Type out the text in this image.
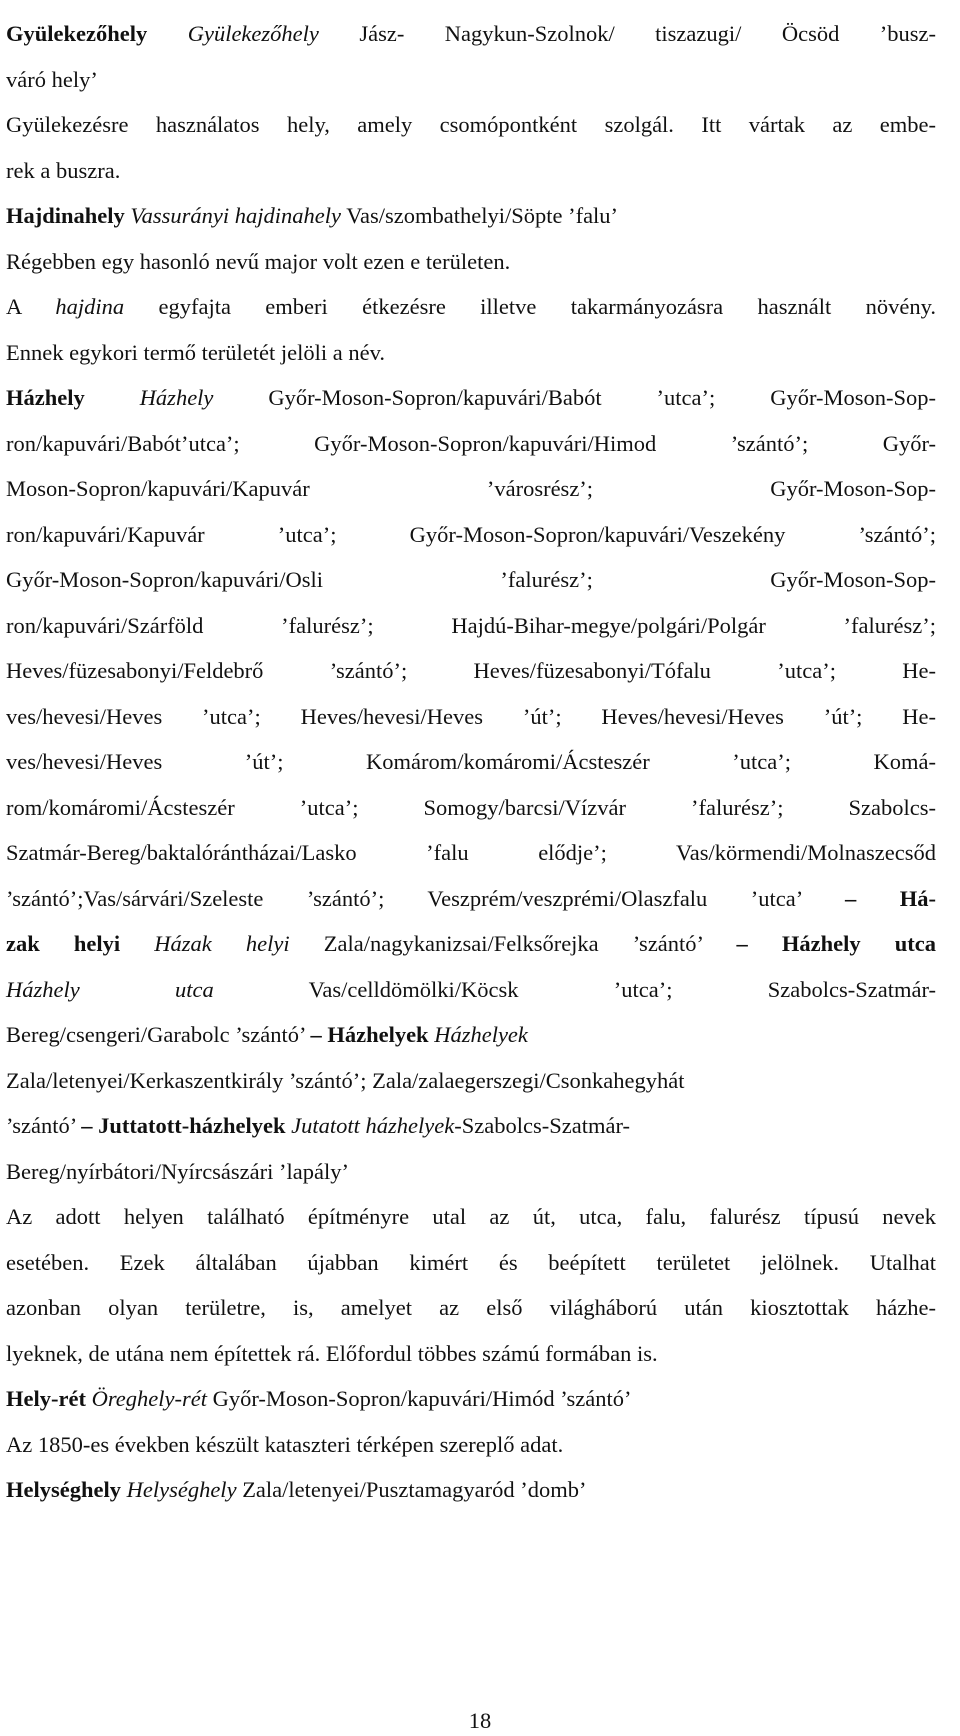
Gyülekezőhely Gyülekezőhely Jász- Nagykun-Szolnok/ tiszazugi/ Öcsöd ’busz-
váró hely’
Gyülekezésre használatos hely, amely csomópontként szolgál. Itt vártak az embe-
rek a buszra.
Hajdinahely Vassurányi hajdinahely Vas/szombathelyi/Söpte ’falu’
Régebben egy hasonló nevű major volt ezen e területen.
A hajdina egyfajta emberi étkezésre illetve takarmányozásra használt növény.
Ennek egykori termő területét jelöli a név.
Házhely Házhely Győr-Moson-Sopron/kapuvári/Babót ’utca’; Győr-Moson-Sop-
ron/kapuvári/Babót’utca’; Győr-Moson-Sopron/kapuvári/Himod ’szántó’; Győr-
Moson-Sopron/kapuvári/Kapuvár ’városrész’; Győr-Moson-Sop-
ron/kapuvári/Kapuvár ’utca’; Győr-Moson-Sopron/kapuvári/Veszekény ’szántó’;
Győr-Moson-Sopron/kapuvári/Osli ’falurész’; Győr-Moson-Sop-
ron/kapuvári/Szárföld ’falurész’; Hajdú-Bihar-megye/polgári/Polgár ’falurész’;
Heves/füzesabonyi/Feldebrő ’szántó’; Heves/füzesabonyi/Tófalu ’utca’; He-
ves/hevesi/Heves ’utca’; Heves/hevesi/Heves ’út’; Heves/hevesi/Heves ’út’; He-
ves/hevesi/Heves ’út’; Komárom/komáromi/Ácsteszér ’utca’; Komá-
rom/komáromi/Ácsteszér ’utca’; Somogy/barcsi/Vízvár ’falurész’; Szabolcs-
Szatmár-Bereg/baktalórántházai/Lasko ’falu elődje’; Vas/körmendi/Molnaszecsőd
’szántó’;Vas/sárvári/Szeleste ’szántó’; Veszprém/veszprémi/Olaszfalu ’utca’ – Há-
zak helyi Házak helyi Zala/nagykanizsai/Felksőrejka ’szántó’ – Házhely utca
Házhely utca Vas/celldömölki/Köcsk ’utca’; Szabolcs-Szatmár-
Bereg/csengeri/Garabolc ’szántó’ – Házhelyek Házhelyek
Zala/letenyei/Kerkaszentkirály ’szántó’; Zala/zalaegerszegi/Csonkahegyhát
’szántó’ – Juttatott-házhelyek Jutatott házhelyek-Szabolcs-Szatmár-
Bereg/nyírbátori/Nyírcsászári ’lapály’
Az adott helyen található építményre utal az út, utca, falu, falurész típusú nevek
esetében. Ezek általában újabban kimért és beépített területet jelölnek. Utalhat
azonban olyan területre, is, amelyet az első világháború után kiosztottak házhe-
lyeknek, de utána nem építettek rá. Előfordul többes számú formában is.
Hely-rét Öreghely-rét Győr-Moson-Sopron/kapuvári/Himód ’szántó’
Az 1850-es években készült kataszteri térképen szereplő adat.
Helységhely Helységhely Zala/letenyei/Pusztamagyaród ’domb’
18
